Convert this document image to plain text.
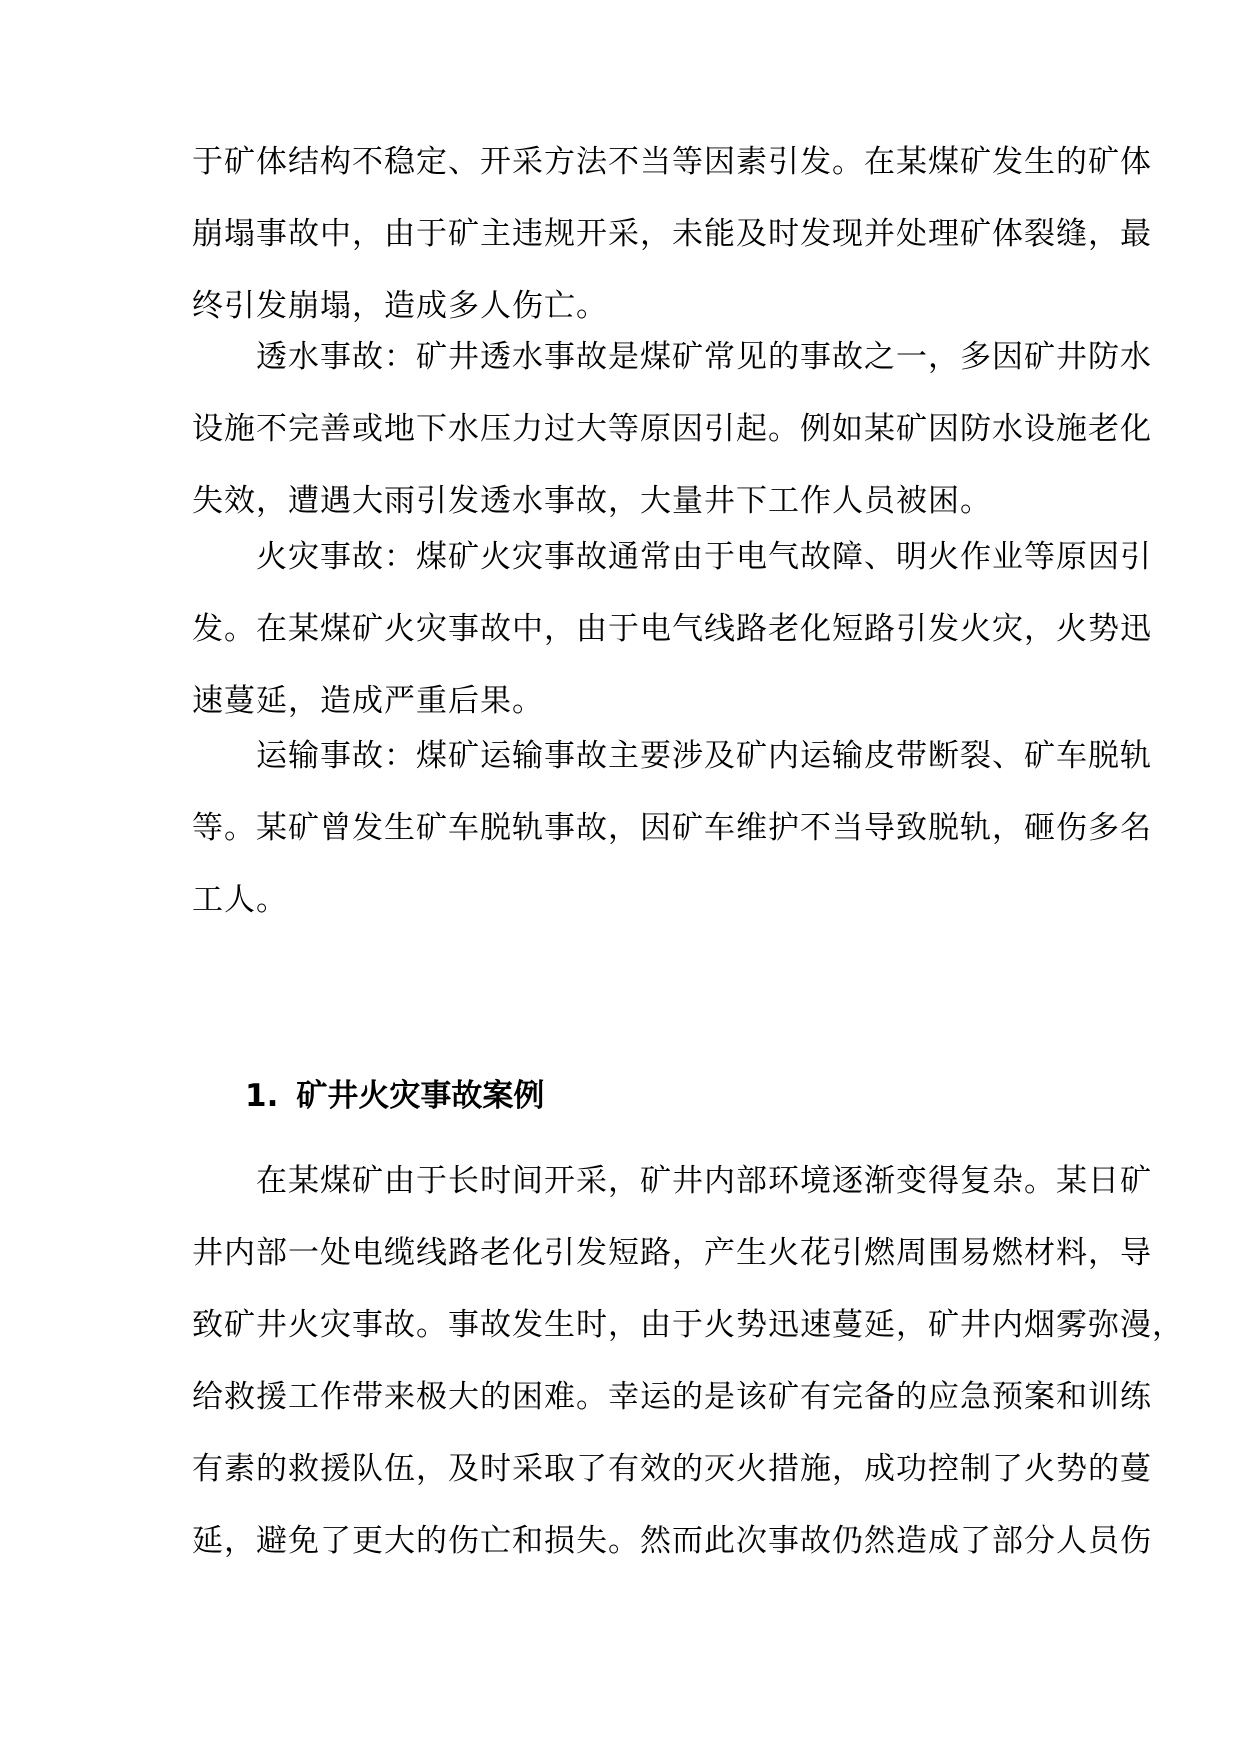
于矿体结构不稳定、开采方法不当等因素引发。在某煤矿发生的矿体
崩塌事故中，由于矿主违规开采，未能及时发现并处理矿体裂缝，最
终引发崩塌，造成多人伤亡。
　　透水事故：矿井透水事故是煤矿常见的事故之一，多因矿井防水
设施不完善或地下水压力过大等原因引起。例如某矿因防水设施老化
失效，遭遇大雨引发透水事故，大量井下工作人员被困。
　　火灾事故：煤矿火灾事故通常由于电气故障、明火作业等原因引
发。在某煤矿火灾事故中，由于电气线路老化短路引发火灾，火势迅
速蔓延，造成严重后果。
　　运输事故：煤矿运输事故主要涉及矿内运输皮带断裂、矿车脱轨
等。某矿曾发生矿车脱轨事故，因矿车维护不当导致脱轨，砸伤多名
工人。
1. 矿井火灾事故案例
　　在某煤矿由于长时间开采，矿井内部环境逐渐变得复杂。某日矿
井内部一处电缆线路老化引发短路，产生火花引燃周围易燃材料，导
致矿井火灾事故。事故发生时，由于火势迅速蔓延，矿井内烟雾弥漫，
给救援工作带来极大的困难。幸运的是该矿有完备的应急预案和训练
有素的救援队伍，及时采取了有效的灭火措施，成功控制了火势的蔓
延，避免了更大的伤亡和损失。然而此次事故仍然造成了部分人员伤
